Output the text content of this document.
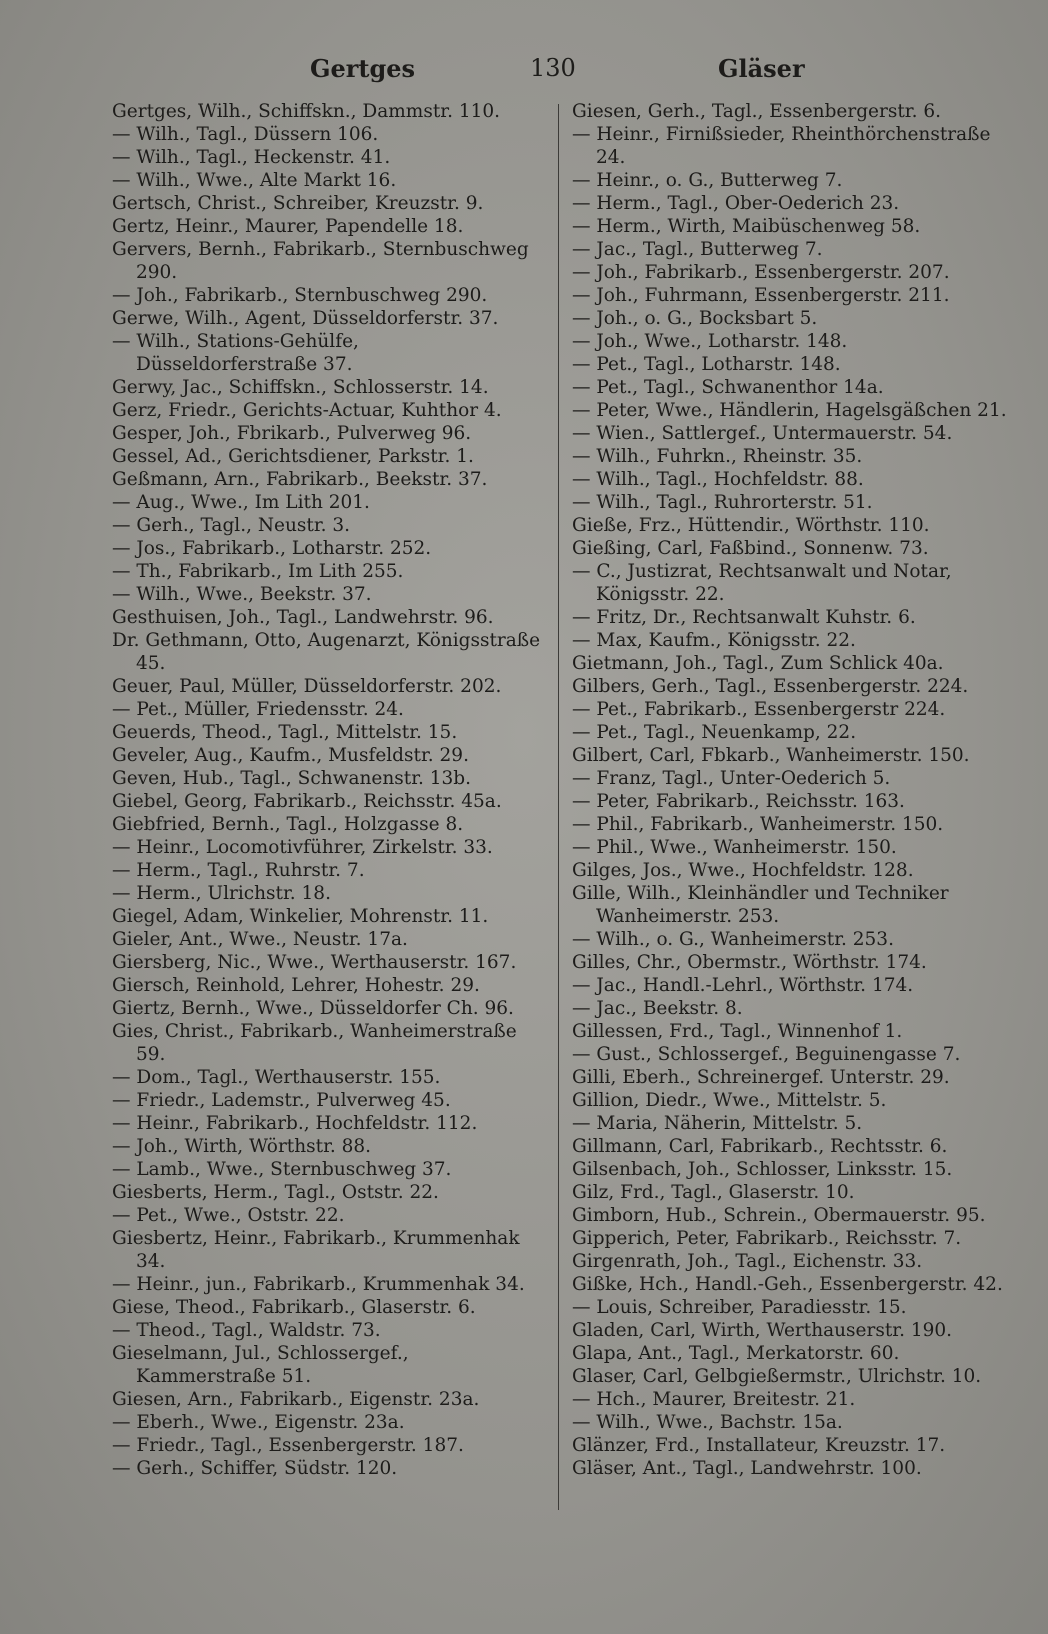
Gertges	130	Gläser

Gertges, Wilh., Schiffskn., Dammstr. 110.

— Wilh., Tagl., Düssern 106.

— Wilh., Tagl., Heckenstr. 41.

— Wilh., Wwe., Alte Markt 16.

Gertsch, Christ., Schreiber, Kreuzstr. 9.

Gertz, Heinr., Maurer, Papendelle 18.

Gervers, Bernh., Fabrikarb., Sternbuschweg 290.

— Joh., Fabrikarb., Sternbuschweg 290.

Gerwe, Wilh., Agent, Düsseldorferstr. 37.

— Wilh., Stations-Gehülfe, Düsseldorferstraße 37.

Gerwy, Jac., Schiffskn., Schlosserstr. 14.

Gerz, Friedr., Gerichts-Actuar, Kuhthor 4.

Gesper, Joh., Fbrikarb., Pulverweg 96.

Gessel, Ad., Gerichtsdiener, Parkstr. 1.

Geßmann, Arn., Fabrikarb., Beekstr. 37.

— Aug., Wwe., Im Lith 201.

— Gerh., Tagl., Neustr. 3.

— Jos., Fabrikarb., Lotharstr. 252.

— Th., Fabrikarb., Im Lith 255.

— Wilh., Wwe., Beekstr. 37.

Gesthuisen, Joh., Tagl., Landwehrstr. 96.

Dr. Gethmann, Otto, Augenarzt, Königsstraße 45.

Geuer, Paul, Müller, Düsseldorferstr. 202.

— Pet., Müller, Friedensstr. 24.

Geuerds, Theod., Tagl., Mittelstr. 15.

Geveler, Aug., Kaufm., Musfeldstr. 29.

Geven, Hub., Tagl., Schwanenstr. 13b.

Giebel, Georg, Fabrikarb., Reichsstr. 45a.

Giebfried, Bernh., Tagl., Holzgasse 8.

— Heinr., Locomotivführer, Zirkelstr. 33.

— Herm., Tagl., Ruhrstr. 7.

— Herm., Ulrichstr. 18.

Giegel, Adam, Winkelier, Mohrenstr. 11.

Gieler, Ant., Wwe., Neustr. 17a.

Giersberg, Nic., Wwe., Werthauserstr. 167.

Giersch, Reinhold, Lehrer, Hohestr. 29.

Giertz, Bernh., Wwe., Düsseldorfer Ch. 96.

Gies, Christ., Fabrikarb., Wanheimerstraße 59.

— Dom., Tagl., Werthauserstr. 155.

— Friedr., Lademstr., Pulverweg 45.

— Heinr., Fabrikarb., Hochfeldstr. 112.

— Joh., Wirth, Wörthstr. 88.

— Lamb., Wwe., Sternbuschweg 37.

Giesberts, Herm., Tagl., Oststr. 22.

— Pet., Wwe., Oststr. 22.

Giesbertz, Heinr., Fabrikarb., Krummenhak 34.

— Heinr., jun., Fabrikarb., Krummenhak 34.

Giese, Theod., Fabrikarb., Glaserstr. 6.

— Theod., Tagl., Waldstr. 73.

Gieselmann, Jul., Schlossergef., Kammerstraße 51.

Giesen, Arn., Fabrikarb., Eigenstr. 23a.

— Eberh., Wwe., Eigenstr. 23a.

— Friedr., Tagl., Essenbergerstr. 187.

— Gerh., Schiffer, Südstr. 120.

Giesen, Gerh., Tagl., Essenbergerstr. 6.

— Heinr., Firnißsieder, Rheinthörchenstraße 24.

— Heinr., o. G., Butterweg 7.

— Herm., Tagl., Ober-Oederich 23.

— Herm., Wirth, Maibüschenweg 58.

— Jac., Tagl., Butterweg 7.

— Joh., Fabrikarb., Essenbergerstr. 207.

— Joh., Fuhrmann, Essenbergerstr. 211.

— Joh., o. G., Bocksbart 5.

— Joh., Wwe., Lotharstr. 148.

— Pet., Tagl., Lotharstr. 148.

— Pet., Tagl., Schwanenthor 14a.

— Peter, Wwe., Händlerin, Hagelsgäßchen 21.

— Wien., Sattlergef., Untermauerstr. 54.

— Wilh., Fuhrkn., Rheinstr. 35.

— Wilh., Tagl., Hochfeldstr. 88.

— Wilh., Tagl., Ruhrorterstr. 51.

Gieße, Frz., Hüttendir., Wörthstr. 110.

Gießing, Carl, Faßbind., Sonnenw. 73.

— C., Justizrat, Rechtsanwalt und Notar, Königsstr. 22.

— Fritz, Dr., Rechtsanwalt Kuhstr. 6.

— Max, Kaufm., Königsstr. 22.

Gietmann, Joh., Tagl., Zum Schlick 40a.

Gilbers, Gerh., Tagl., Essenbergerstr. 224.

— Pet., Fabrikarb., Essenbergerstr 224.

— Pet., Tagl., Neuenkamp, 22.

Gilbert, Carl, Fbkarb., Wanheimerstr. 150.

— Franz, Tagl., Unter-Oederich 5.

— Peter, Fabrikarb., Reichsstr. 163.

— Phil., Fabrikarb., Wanheimerstr. 150.

— Phil., Wwe., Wanheimerstr. 150.

Gilges, Jos., Wwe., Hochfeldstr. 128.

Gille, Wilh., Kleinhändler und Techniker Wanheimerstr. 253.

— Wilh., o. G., Wanheimerstr. 253.

Gilles, Chr., Obermstr., Wörthstr. 174.

— Jac., Handl.-Lehrl., Wörthstr. 174.

— Jac., Beekstr. 8.

Gillessen, Frd., Tagl., Winnenhof 1.

— Gust., Schlossergef., Beguinengasse 7.

Gilli, Eberh., Schreinergef. Unterstr. 29.

Gillion, Diedr., Wwe., Mittelstr. 5.

— Maria, Näherin, Mittelstr. 5.

Gillmann, Carl, Fabrikarb., Rechtsstr. 6.

Gilsenbach, Joh., Schlosser, Linksstr. 15.

Gilz, Frd., Tagl., Glaserstr. 10.

Gimborn, Hub., Schrein., Obermauerstr. 95.

Gipperich, Peter, Fabrikarb., Reichsstr. 7.

Girgenrath, Joh., Tagl., Eichenstr. 33.

Gißke, Hch., Handl.-Geh., Essenbergerstr. 42.

— Louis, Schreiber, Paradiesstr. 15.

Gladen, Carl, Wirth, Werthauserstr. 190.

Glapa, Ant., Tagl., Merkatorstr. 60.

Glaser, Carl, Gelbgießermstr., Ulrichstr. 10.

— Hch., Maurer, Breitestr. 21.

— Wilh., Wwe., Bachstr. 15a.

Glänzer, Frd., Installateur, Kreuzstr. 17.

Gläser, Ant., Tagl., Landwehrstr. 100.
